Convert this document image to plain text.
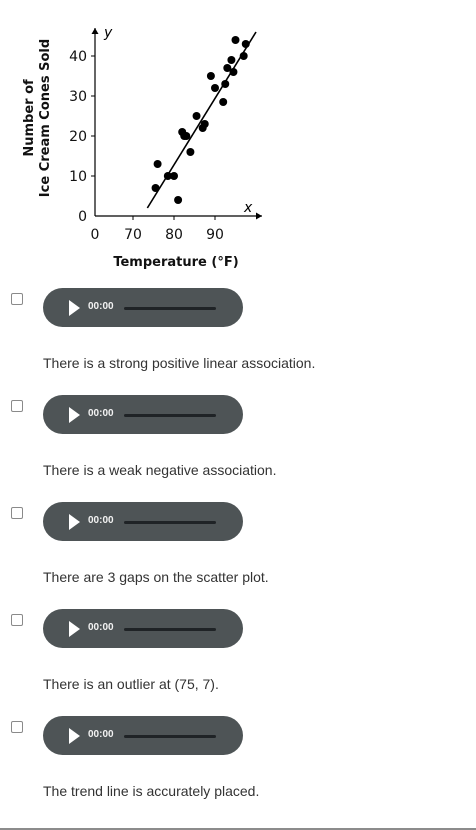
y
x
0
10
20
30
40
0 70 80 90
Temperature (°F)
Number of Ice Cream Cones Sold
00:00
There is a strong positive linear association.
00:00
There is a weak negative association.
00:00
There are 3 gaps on the scatter plot.
00:00
There is an outlier at (75, 7).
00:00
The trend line is accurately placed.
